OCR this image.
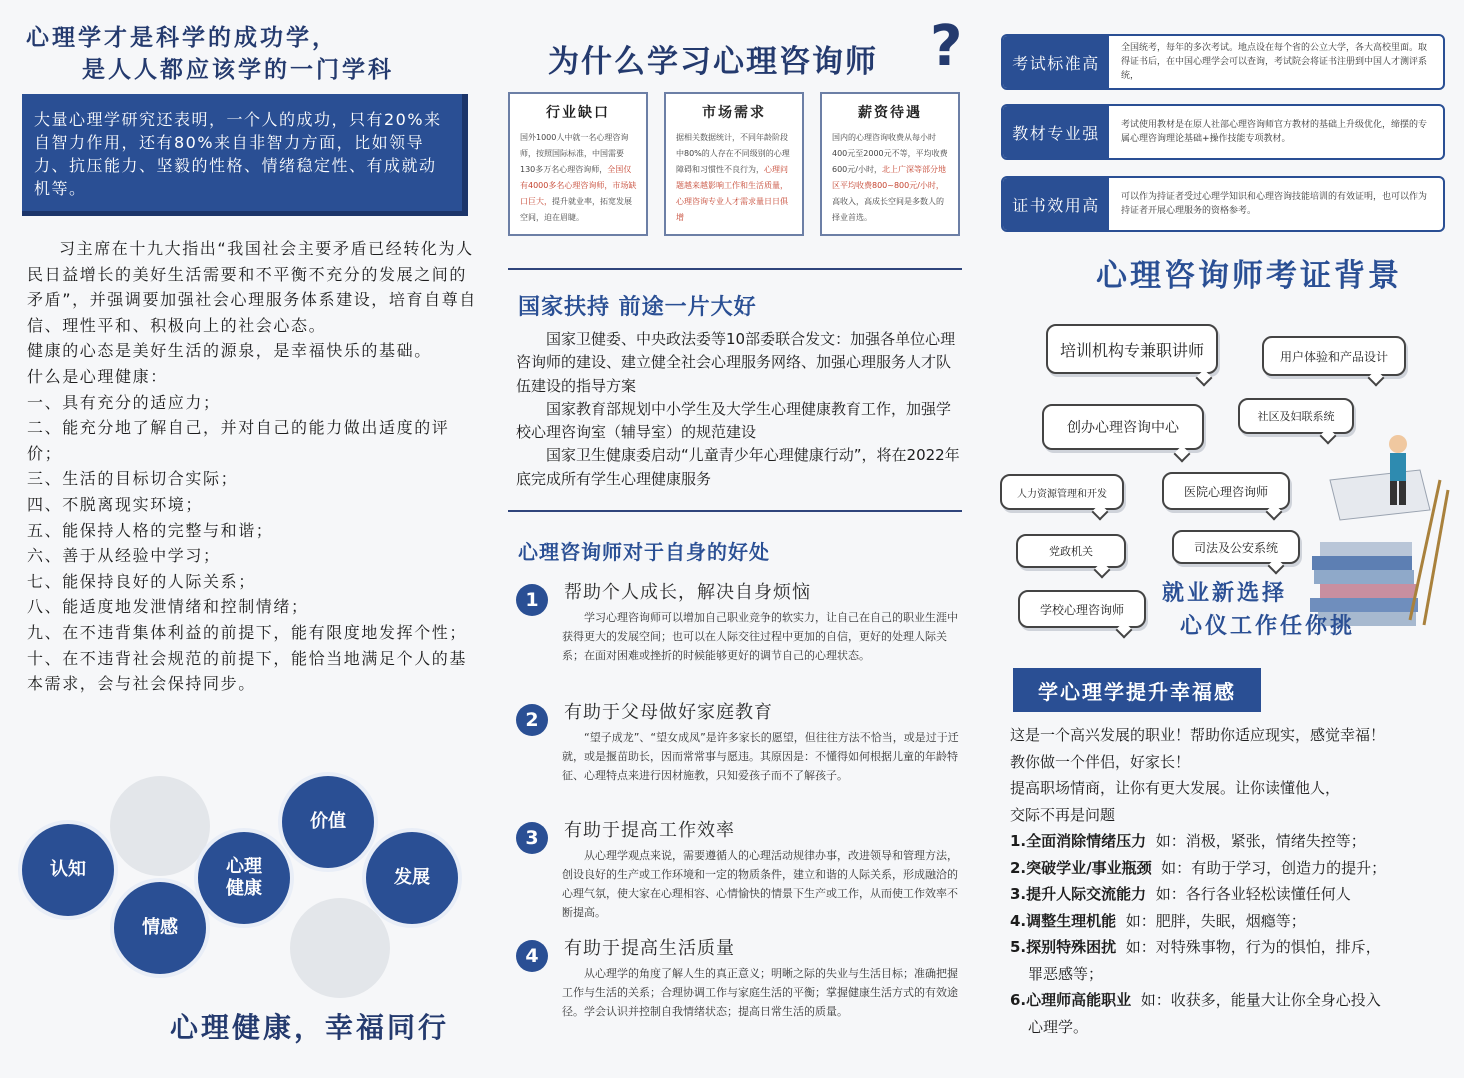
心理学才是科学的成功学，
是人人都应该学的一门学科
大量心理学研究还表明，一个人的成功，只有20%来自智力作用，还有80%来自非智力方面，比如领导力、抗压能力、坚毅的性格、情绪稳定性、有成就动机等。

习主席在十九大指出“我国社会主要矛盾已经转化为人民日益增长的美好生活需要和不平衡不充分的发展之间的矛盾”，并强调要加强社会心理服务体系建设，培育自尊自信、理性平和、积极向上的社会心态。

健康的心态是美好生活的源泉，是幸福快乐的基础。

什么是心理健康：

一、具有充分的适应力；

二、能充分地了解自己，并对自己的能力做出适度的评价；

三、生活的目标切合实际；

四、不脱离现实环境；

五、能保持人格的完整与和谐；

六、善于从经验中学习；

七、能保持良好的人际关系；

八、能适度地发泄情绪和控制情绪；

九、在不违背集体利益的前提下，能有限度地发挥个性；

十、在不违背社会规范的前提下，能恰当地满足个人的基本需求，会与社会保持同步。

认知
情感
心理
健康
价值
发展
心理健康，幸福同行
为什么学习心理咨询师 ?
行业缺口
国外1000人中就一名心理咨询师，按照国际标准，中国需要130多万名心理咨询师，全国仅有4000多名心理咨询师，市场缺口巨大，提升就业率，拓宽发展空间，迫在眉睫。
市场需求
据相关数据统计，不同年龄阶段中80%的人存在不同级别的心理障碍和习惯性不良行为，心理问题越来越影响工作和生活质量，心理咨询专业人才需求量日日俱增
薪资待遇
国内的心理咨询收费从每小时400元至2000元不等，平均收费600元/小时，北上广深等部分地区平均收费800~800元/小时，高收入，高成长空间是多数人的择业首选。
国家扶持 前途一片大好

国家卫健委、中央政法委等10部委联合发文：加强各单位心理咨询师的建设、建立健全社会心理服务网络、加强心理服务人才队伍建设的指导方案

国家教育部规划中小学生及大学生心理健康教育工作，加强学校心理咨询室（辅导室）的规范建设

国家卫生健康委启动“儿童青少年心理健康行动”，将在2022年底完成所有学生心理健康服务

心理咨询师对于自身的好处
1	帮助个人成长，解决自身烦恼
学习心理咨询师可以增加自己职业竞争的软实力，让自己在自己的职业生涯中获得更大的发展空间；也可以在人际交往过程中更加的自信，更好的处理人际关系；在面对困难或挫折的时候能够更好的调节自己的心理状态。
2	有助于父母做好家庭教育
“望子成龙”、“望女成凤”是许多家长的愿望，但往往方法不恰当，或是过于迁就，或是揠苗助长，因而常常事与愿违。其原因是：不懂得如何根据儿童的年龄特征、心理特点来进行因材施教，只知爱孩子而不了解孩子。
3	有助于提高工作效率
从心理学观点来说，需要遵循人的心理活动规律办事，改进领导和管理方法，创设良好的生产或工作环境和一定的物质条件，建立和谐的人际关系，形成融洽的心理气氛，使大家在心理相容、心情愉快的情景下生产或工作，从而使工作效率不断提高。
4	有助于提高生活质量
从心理学的角度了解人生的真正意义；明晰之际的失业与生活目标；准确把握工作与生活的关系；合理协调工作与家庭生活的平衡；掌握健康生活方式的有效途径。学会认识并控制自我情绪状态；提高日常生活的质量。
考试标准高
全国统考，每年的多次考试。地点设在每个省的公立大学，各大高校里面。取得证书后，在中国心理学会可以查询，考试院会将证书注册到中国人才测评系统，
教材专业强	考试使用教材是在原人社部心理咨询师官方教材的基础上升级优化，缔摆的专属心理咨询理论基础+操作技能专项教材。
证书效用高	可以作为持证者受过心理学知识和心理咨询技能培训的有效证明，也可以作为持证者开展心理服务的资格参考。
心理咨询师考证背景
培训机构专兼职讲师	用户体验和产品设计
创办心理咨询中心
社区及妇联系统
人力资源管理和开发	医院心理咨询师
党政机关	司法及公安系统
学校心理咨询师
就业新选择
心仪工作任你挑
学心理学提升幸福感

这是一个高兴发展的职业！帮助你适应现实，感觉幸福！

教你做一个伴侣，好家长！

提高职场情商，让你有更大发展。让你读懂他人，

交际不再是问题

1.全面消除情绪压力 如：消极，紧张，情绪失控等；

2.突破学业/事业瓶颈 如：有助于学习，创造力的提升；

3.提升人际交流能力 如：各行各业轻松读懂任何人

4.调整生理机能 如：肥胖，失眠，烟瘾等；

5.探别特殊困扰 如：对特殊事物，行为的惧怕，排斥，

罪恶感等；

6.心理师高能职业 如：收获多，能量大让你全身心投入

心理学。
